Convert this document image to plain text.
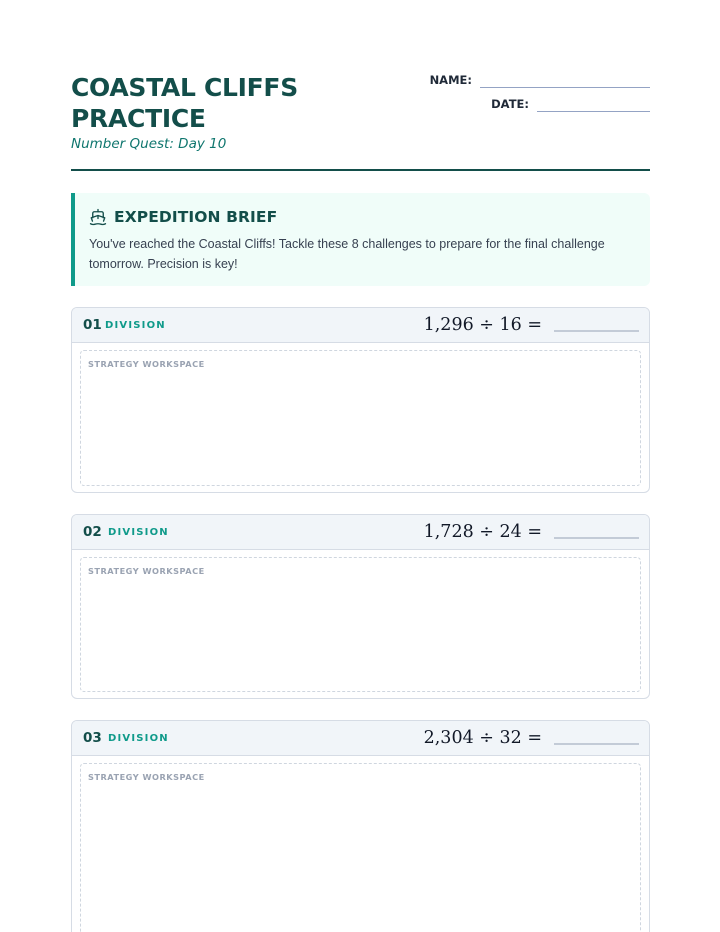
COASTAL CLIFFS PRACTICE
Number Quest: Day 10
NAME:
DATE:
EXPEDITION BRIEF
You've reached the Coastal Cliffs! Tackle these 8 challenges to prepare for the final challenge tomorrow. Precision is key!
01 DIVISION	1,296 ÷ 16 =
STRATEGY WORKSPACE
02 DIVISION	1,728 ÷ 24 =
STRATEGY WORKSPACE
03 DIVISION	2,304 ÷ 32 =
STRATEGY WORKSPACE
